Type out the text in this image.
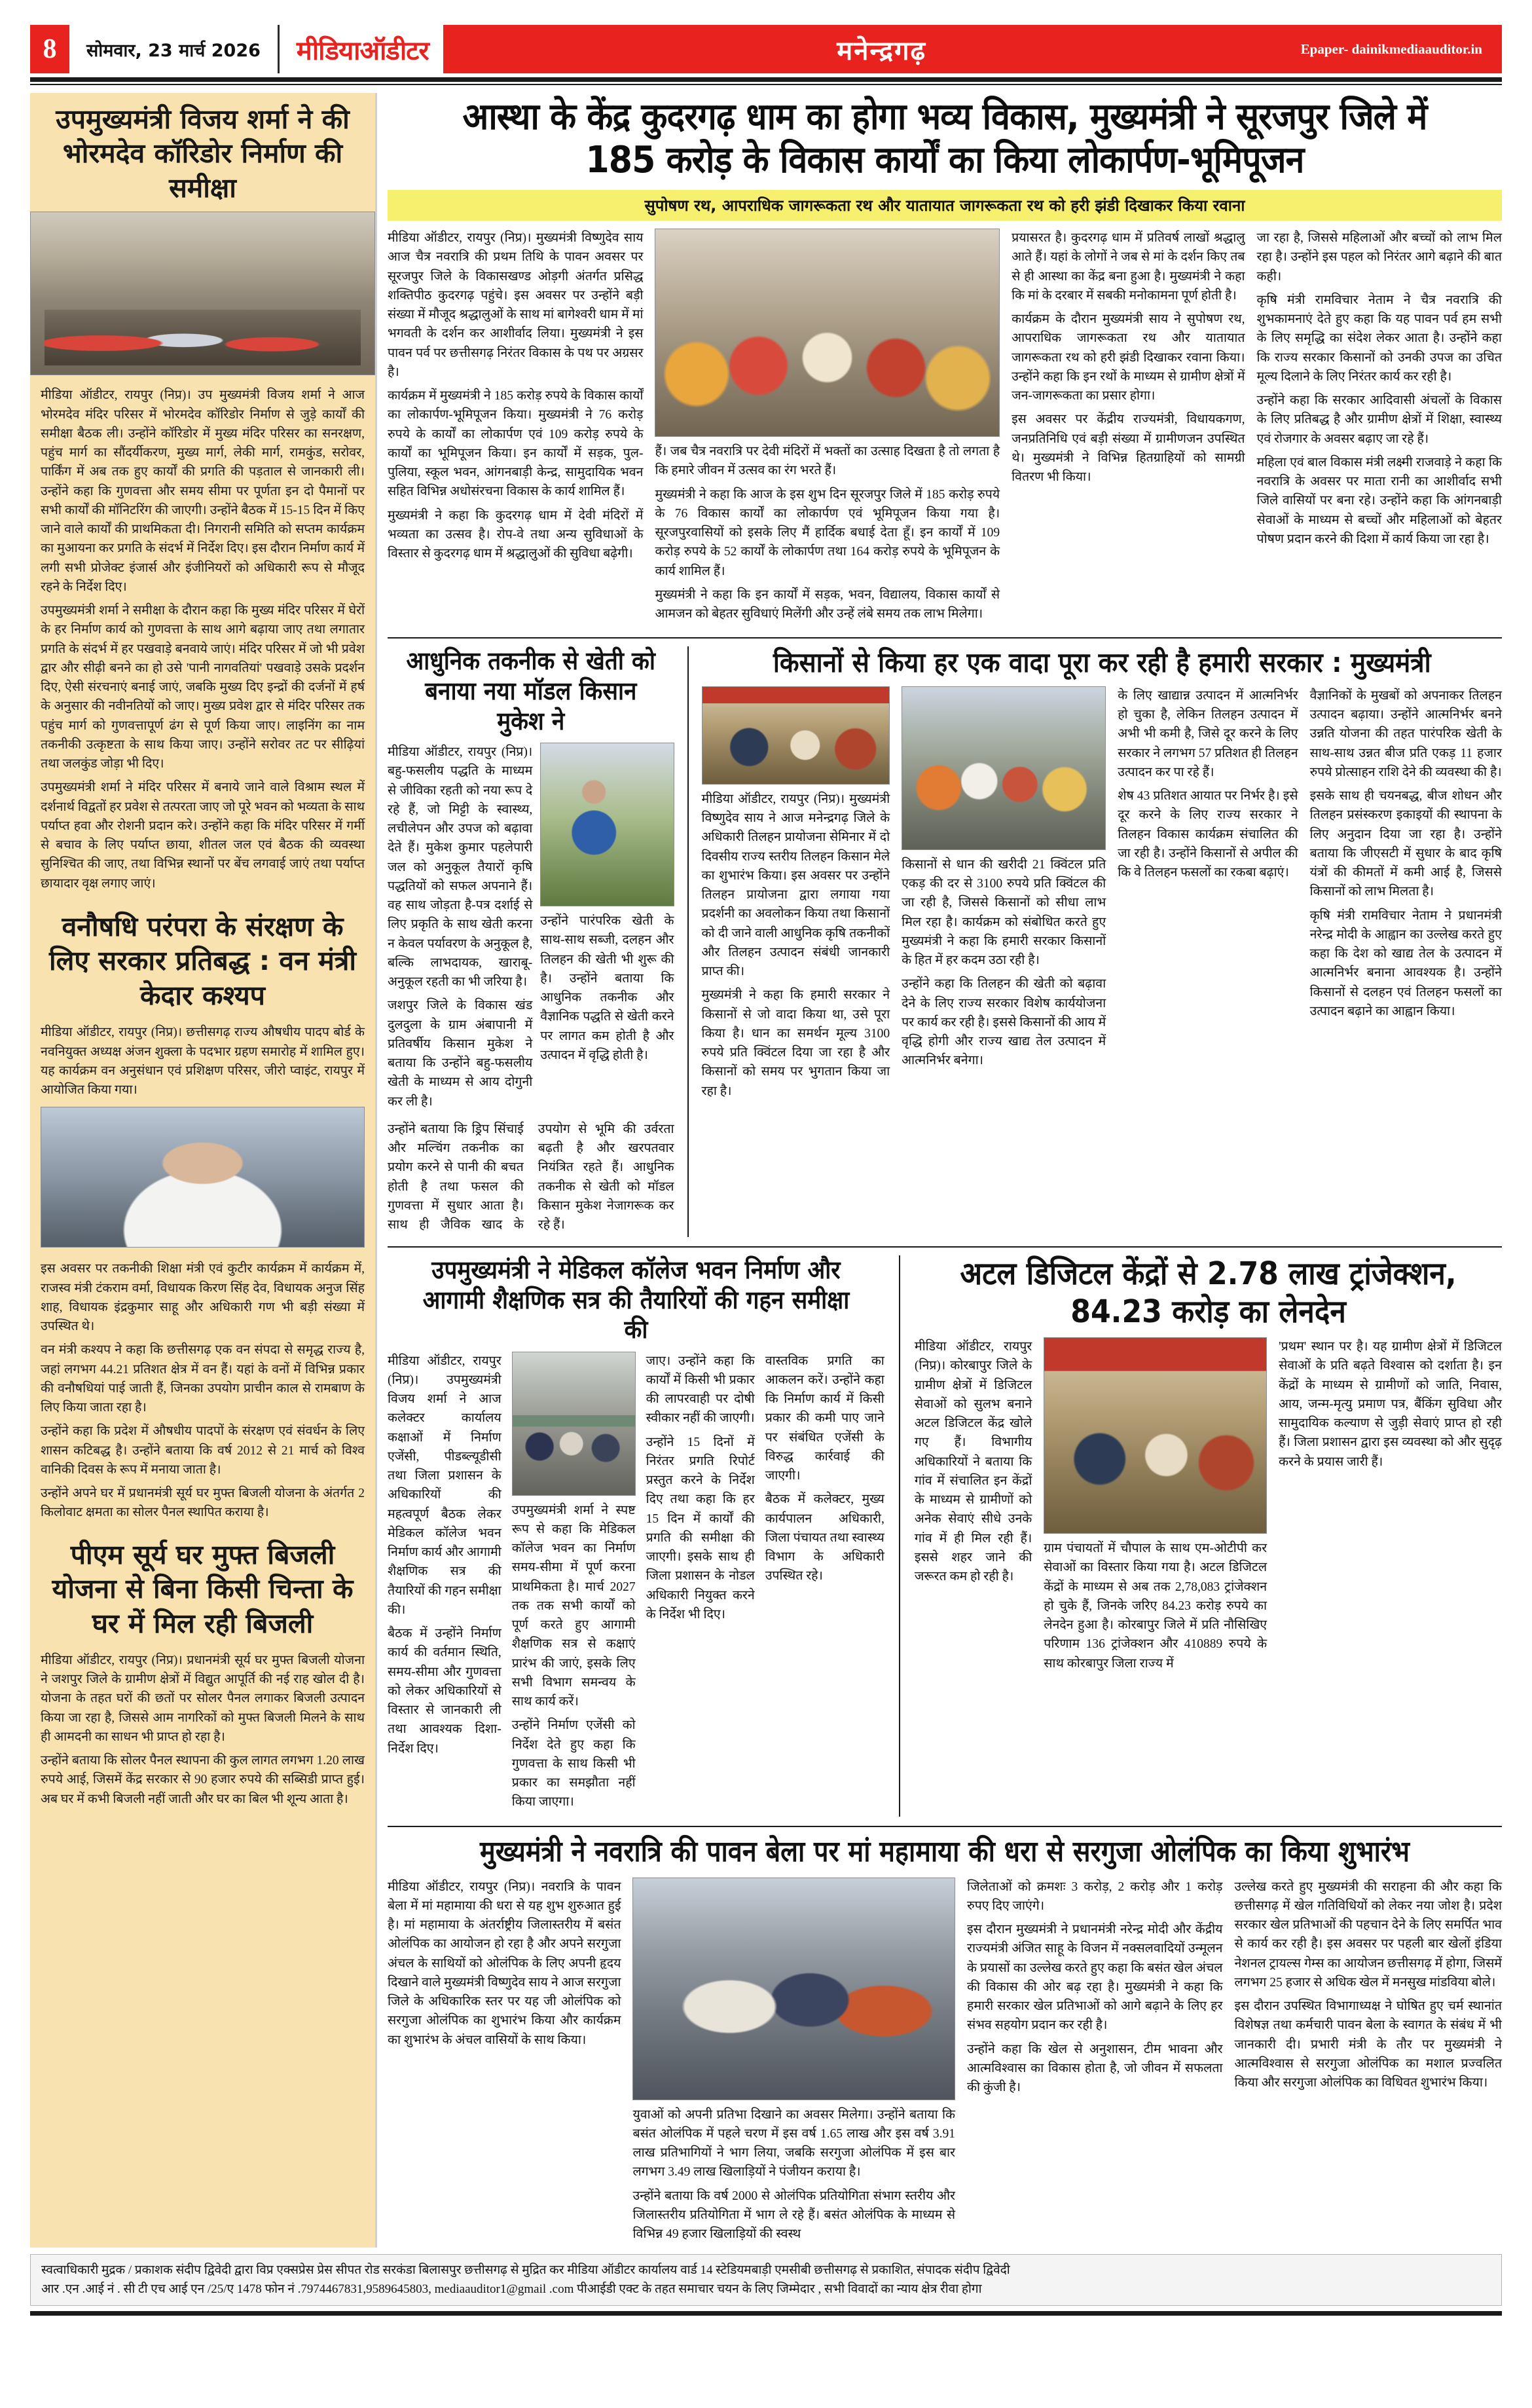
8	सोमवार, 23 मार्च 2026	मीडियाऑडीटर	मनेन्द्रगढ़	Epaper- dainikmediaauditor.in
उपमुख्यमंत्री विजय शर्मा ने की भोरमदेव कॉरिडोर निर्माण की समीक्षा

मीडिया ऑडीटर, रायपुर (निप्र)। उप मुख्यमंत्री विजय शर्मा ने आज भोरमदेव मंदिर परिसर में भोरमदेव कॉरिडोर निर्माण से जुड़े कार्यों की समीक्षा बैठक ली। उन्होंने कॉरिडोर में मुख्य मंदिर परिसर का सनरक्षण, पहुंच मार्ग का सौंदर्यीकरण, मुख्य मार्ग, लेकी मार्ग, रामकुंड, सरोवर, पार्किंग में अब तक हुए कार्यों की प्रगति की पड़ताल से जानकारी ली। उन्होंने कहा कि गुणवत्ता और समय सीमा पर पूर्णता इन दो पैमानों पर सभी कार्यों की मॉनिटरिंग की जाएगी। उन्होंने बैठक में 15-15 दिन में किए जाने वाले कार्यों की प्राथमिकता दी। निगरानी समिति को सप्तम कार्यक्रम का मुआयना कर प्रगति के संदर्भ में निर्देश दिए। इस दौरान निर्माण कार्य में लगी सभी प्रोजेक्ट इंजार्स और इंजीनियरों को अधिकारी रूप से मौजूद रहने के निर्देश दिए।

उपमुख्यमंत्री शर्मा ने समीक्षा के दौरान कहा कि मुख्य मंदिर परिसर में घेरों के हर निर्माण कार्य को गुणवत्ता के साथ आगे बढ़ाया जाए तथा लगातार प्रगति के संदर्भ में हर पखवाड़े बनवाये जाएं। मंदिर परिसर में जो भी प्रवेश द्वार और सीढ़ी बनने का हो उसे 'पानी नागवतियां' पखवाड़े उसके प्रदर्शन दिए, ऐसी संरचनाएं बनाई जाएं, जबकि मुख्य दिए इन्द्रों की दर्जनों में हर्ष के अनुसार की नवीनतियों को जाए। मुख्य प्रवेश द्वार से मंदिर परिसर तक पहुंच मार्ग को गुणवत्तापूर्ण ढंग से पूर्ण किया जाए। लाइनिंग का नाम तकनीकी उत्कृष्टता के साथ किया जाए। उन्होंने सरोवर तट पर सीढ़ियां तथा जलकुंड जोड़ा भी दिए।

उपमुख्यमंत्री शर्मा ने मंदिर परिसर में बनाये जाने वाले विश्राम स्थल में दर्शनार्थ विद्वतों हर प्रवेश से तत्परता जाए जो पूरे भवन को भव्यता के साथ पर्याप्त हवा और रोशनी प्रदान करे। उन्होंने कहा कि मंदिर परिसर में गर्मी से बचाव के लिए पर्याप्त छाया, शीतल जल एवं बैठक की व्यवस्था सुनिश्चित की जाए, तथा विभिन्न स्थानों पर बेंच लगवाई जाएं तथा पर्याप्त छायादार वृक्ष लगाए जाएं।

वनौषधि परंपरा के संरक्षण के लिए सरकार प्रतिबद्ध : वन मंत्री केदार कश्यप

मीडिया ऑडीटर, रायपुर (निप्र)। छत्तीसगढ़ राज्य औषधीय पादप बोर्ड के नवनियुक्त अध्यक्ष अंजन शुक्ला के पदभार ग्रहण समारोह में शामिल हुए। यह कार्यक्रम वन अनुसंधान एवं प्रशिक्षण परिसर, जीरो प्वाइंट, रायपुर में आयोजित किया गया।

इस अवसर पर तकनीकी शिक्षा मंत्री एवं कुटीर कार्यक्रम में कार्यक्रम में, राजस्व मंत्री टंकराम वर्मा, विधायक किरण सिंह देव, विधायक अनुज सिंह शाह, विधायक इंद्रकुमार साहू और अधिकारी गण भी बड़ी संख्या में उपस्थित थे।

वन मंत्री कश्यप ने कहा कि छत्तीसगढ़ एक वन संपदा से समृद्ध राज्य है, जहां लगभग 44.21 प्रतिशत क्षेत्र में वन हैं। यहां के वनों में विभिन्न प्रकार की वनौषधियां पाई जाती हैं, जिनका उपयोग प्राचीन काल से रामबाण के लिए किया जाता रहा है।

उन्होंने कहा कि प्रदेश में औषधीय पादपों के संरक्षण एवं संवर्धन के लिए शासन कटिबद्ध है। उन्होंने बताया कि वर्ष 2012 से 21 मार्च को विश्व वानिकी दिवस के रूप में मनाया जाता है।

उन्होंने अपने घर में प्रधानमंत्री सूर्य घर मुफ्त बिजली योजना के अंतर्गत 2 किलोवाट क्षमता का सोलर पैनल स्थापित कराया है।

पीएम सूर्य घर मुफ्त बिजली योजना से बिना किसी चिन्ता के घर में मिल रही बिजली

मीडिया ऑडीटर, रायपुर (निप्र)। प्रधानमंत्री सूर्य घर मुफ्त बिजली योजना ने जशपुर जिले के ग्रामीण क्षेत्रों में विद्युत आपूर्ति की नई राह खोल दी है। योजना के तहत घरों की छतों पर सोलर पैनल लगाकर बिजली उत्पादन किया जा रहा है, जिससे आम नागरिकों को मुफ्त बिजली मिलने के साथ ही आमदनी का साधन भी प्राप्त हो रहा है।

उन्होंने बताया कि सोलर पैनल स्थापना की कुल लागत लगभग 1.20 लाख रुपये आई, जिसमें केंद्र सरकार से 90 हजार रुपये की सब्सिडी प्राप्त हुई। अब घर में कभी बिजली नहीं जाती और घर का बिल भी शून्य आता है।

आस्था के केंद्र कुदरगढ़ धाम का होगा भव्य विकास, मुख्यमंत्री ने सूरजपुर जिले में 185 करोड़ के विकास कार्यों का किया लोकार्पण-भूमिपूजन
सुपोषण रथ, आपराधिक जागरूकता रथ और यातायात जागरूकता रथ को हरी झंडी दिखाकर किया रवाना

मीडिया ऑडीटर, रायपुर (निप्र)। मुख्यमंत्री विष्णुदेव साय आज चैत्र नवरात्रि की प्रथम तिथि के पावन अवसर पर सूरजपुर जिले के विकासखण्ड ओड़गी अंतर्गत प्रसिद्ध शक्तिपीठ कुदरगढ़ पहुंचे। इस अवसर पर उन्होंने बड़ी संख्या में मौजूद श्रद्धालुओं के साथ मां बागेश्वरी धाम में मां भगवती के दर्शन कर आशीर्वाद लिया। मुख्यमंत्री ने इस पावन पर्व पर छत्तीसगढ़ निरंतर विकास के पथ पर अग्रसर है।

कार्यक्रम में मुख्यमंत्री ने 185 करोड़ रुपये के विकास कार्यों का लोकार्पण-भूमिपूजन किया। मुख्यमंत्री ने 76 करोड़ रुपये के कार्यों का लोकार्पण एवं 109 करोड़ रुपये के कार्यों का भूमिपूजन किया। इन कार्यों में सड़क, पुल-पुलिया, स्कूल भवन, आंगनबाड़ी केन्द्र, सामुदायिक भवन सहित विभिन्न अधोसंरचना विकास के कार्य शामिल हैं।

मुख्यमंत्री ने कहा कि कुदरगढ़ धाम में देवी मंदिरों में भव्यता का उत्सव है। रोप-वे तथा अन्य सुविधाओं के विस्तार से कुदरगढ़ धाम में श्रद्धालुओं की सुविधा बढ़ेगी।

हैं। जब चैत्र नवरात्रि पर देवी मंदिरों में भक्तों का उत्साह दिखता है तो लगता है कि हमारे जीवन में उत्सव का रंग भरते हैं।

मुख्यमंत्री ने कहा कि आज के इस शुभ दिन सूरजपुर जिले में 185 करोड़ रुपये के 76 विकास कार्यों का लोकार्पण एवं भूमिपूजन किया गया है। सूरजपुरवासियों को इसके लिए मैं हार्दिक बधाई देता हूँ। इन कार्यों में 109 करोड़ रुपये के 52 कार्यों के लोकार्पण तथा 164 करोड़ रुपये के भूमिपूजन के कार्य शामिल हैं।

मुख्यमंत्री ने कहा कि इन कार्यों में सड़क, भवन, विद्यालय, विकास कार्यों से आमजन को बेहतर सुविधाएं मिलेंगी और उन्हें लंबे समय तक लाभ मिलेगा।

प्रयासरत है। कुदरगढ़ धाम में प्रतिवर्ष लाखों श्रद्धालु आते हैं। यहां के लोगों ने जब से मां के दर्शन किए तब से ही आस्था का केंद्र बना हुआ है। मुख्यमंत्री ने कहा कि मां के दरबार में सबकी मनोकामना पूर्ण होती है।

कार्यक्रम के दौरान मुख्यमंत्री साय ने सुपोषण रथ, आपराधिक जागरूकता रथ और यातायात जागरूकता रथ को हरी झंडी दिखाकर रवाना किया। उन्होंने कहा कि इन रथों के माध्यम से ग्रामीण क्षेत्रों में जन-जागरूकता का प्रसार होगा।

इस अवसर पर केंद्रीय राज्यमंत्री, विधायकगण, जनप्रतिनिधि एवं बड़ी संख्या में ग्रामीणजन उपस्थित थे। मुख्यमंत्री ने विभिन्न हितग्राहियों को सामग्री वितरण भी किया।

जा रहा है, जिससे महिलाओं और बच्चों को लाभ मिल रहा है। उन्होंने इस पहल को निरंतर आगे बढ़ाने की बात कही।

कृषि मंत्री रामविचार नेताम ने चैत्र नवरात्रि की शुभकामनाएं देते हुए कहा कि यह पावन पर्व हम सभी के लिए समृद्धि का संदेश लेकर आता है। उन्होंने कहा कि राज्य सरकार किसानों को उनकी उपज का उचित मूल्य दिलाने के लिए निरंतर कार्य कर रही है।

उन्होंने कहा कि सरकार आदिवासी अंचलों के विकास के लिए प्रतिबद्ध है और ग्रामीण क्षेत्रों में शिक्षा, स्वास्थ्य एवं रोजगार के अवसर बढ़ाए जा रहे हैं।

महिला एवं बाल विकास मंत्री लक्ष्मी राजवाड़े ने कहा कि नवरात्रि के अवसर पर माता रानी का आशीर्वाद सभी जिले वासियों पर बना रहे। उन्होंने कहा कि आंगनबाड़ी सेवाओं के माध्यम से बच्चों और महिलाओं को बेहतर पोषण प्रदान करने की दिशा में कार्य किया जा रहा है।

आधुनिक तकनीक से खेती को बनाया नया मॉडल किसान मुकेश ने

मीडिया ऑडीटर, रायपुर (निप्र)। बहु-फसलीय पद्धति के माध्यम से जीविका रहती को नया रूप दे रहे हैं, जो मिट्टी के स्वास्थ्य, लचीलेपन और उपज को बढ़ावा देते हैं। मुकेश कुमार पहलेपारी जल को अनुकूल तैयारों कृषि पद्धतियों को सफल अपनाने हैं। वह साथ जोड़ता है-पत्र दर्शाई से लिए प्रकृति के साथ खेती करना न केवल पर्यावरण के अनुकूल है, बल्कि लाभदायक, खाराबू-अनुकूल रहती का भी जरिया है।

जशपुर जिले के विकास खंड दुलदुला के ग्राम अंबापानी में प्रतिवर्षीय किसान मुकेश ने बताया कि उन्होंने बहु-फसलीय खेती के माध्यम से आय दोगुनी कर ली है।

उन्होंने पारंपरिक खेती के साथ-साथ सब्जी, दलहन और तिलहन की खेती भी शुरू की है। उन्होंने बताया कि आधुनिक तकनीक और वैज्ञानिक पद्धति से खेती करने पर लागत कम होती है और उत्पादन में वृद्धि होती है।

उन्होंने बताया कि ड्रिप सिंचाई और मल्चिंग तकनीक का प्रयोग करने से पानी की बचत होती है तथा फसल की गुणवत्ता में सुधार आता है। साथ ही जैविक खाद के उपयोग से भूमि की उर्वरता बढ़ती है और खरपतवार नियंत्रित रहते हैं। आधुनिक तकनीक से खेती को मॉडल किसान मुकेश नेजागरूक कर रहे हैं।

किसानों से किया हर एक वादा पूरा कर रही है हमारी सरकार : मुख्यमंत्री

मीडिया ऑडीटर, रायपुर (निप्र)। मुख्यमंत्री विष्णुदेव साय ने आज मनेन्द्रगढ़ जिले के अधिकारी तिलहन प्रायोजना सेमिनार में दो दिवसीय राज्य स्तरीय तिलहन किसान मेले का शुभारंभ किया। इस अवसर पर उन्होंने तिलहन प्रायोजना द्वारा लगाया गया प्रदर्शनी का अवलोकन किया तथा किसानों को दी जाने वाली आधुनिक कृषि तकनीकों और तिलहन उत्पादन संबंधी जानकारी प्राप्त की।

मुख्यमंत्री ने कहा कि हमारी सरकार ने किसानों से जो वादा किया था, उसे पूरा किया है। धान का समर्थन मूल्य 3100 रुपये प्रति क्विंटल दिया जा रहा है और किसानों को समय पर भुगतान किया जा रहा है।

किसानों से धान की खरीदी 21 क्विंटल प्रति एकड़ की दर से 3100 रुपये प्रति क्विंटल की जा रही है, जिससे किसानों को सीधा लाभ मिल रहा है। कार्यक्रम को संबोधित करते हुए मुख्यमंत्री ने कहा कि हमारी सरकार किसानों के हित में हर कदम उठा रही है।

उन्होंने कहा कि तिलहन की खेती को बढ़ावा देने के लिए राज्य सरकार विशेष कार्ययोजना पर कार्य कर रही है। इससे किसानों की आय में वृद्धि होगी और राज्य खाद्य तेल उत्पादन में आत्मनिर्भर बनेगा।

के लिए खाद्यान्न उत्पादन में आत्मनिर्भर हो चुका है, लेकिन तिलहन उत्पादन में अभी भी कमी है, जिसे दूर करने के लिए सरकार ने लगभग 57 प्रतिशत ही तिलहन उत्पादन कर पा रहे हैं।

शेष 43 प्रतिशत आयात पर निर्भर है। इसे दूर करने के लिए राज्य सरकार ने तिलहन विकास कार्यक्रम संचालित की जा रही है। उन्होंने किसानों से अपील की कि वे तिलहन फसलों का रकबा बढ़ाएं।

वैज्ञानिकों के मुखबों को अपनाकर तिलहन उत्पादन बढ़ाया। उन्होंने आत्मनिर्भर बनने उन्नति योजना की तहत पारंपरिक खेती के साथ-साथ उन्नत बीज प्रति एकड़ 11 हजार रुपये प्रोत्साहन राशि देने की व्यवस्था की है।

इसके साथ ही चयनबद्ध, बीज शोधन और तिलहन प्रसंस्करण इकाइयों की स्थापना के लिए अनुदान दिया जा रहा है। उन्होंने बताया कि जीएसटी में सुधार के बाद कृषि यंत्रों की कीमतों में कमी आई है, जिससे किसानों को लाभ मिलता है।

कृषि मंत्री रामविचार नेताम ने प्रधानमंत्री नरेन्द्र मोदी के आह्वान का उल्लेख करते हुए कहा कि देश को खाद्य तेल के उत्पादन में आत्मनिर्भर बनाना आवश्यक है। उन्होंने किसानों से दलहन एवं तिलहन फसलों का उत्पादन बढ़ाने का आह्वान किया।

उपमुख्यमंत्री ने मेडिकल कॉलेज भवन निर्माण और आगामी शैक्षणिक सत्र की तैयारियों की गहन समीक्षा की

मीडिया ऑडीटर, रायपुर (निप्र)। उपमुख्यमंत्री विजय शर्मा ने आज कलेक्टर कार्यालय कक्षाओं में निर्माण एजेंसी, पीडब्ल्यूडीसी तथा जिला प्रशासन के अधिकारियों की महत्वपूर्ण बैठक लेकर मेडिकल कॉलेज भवन निर्माण कार्य और आगामी शैक्षणिक सत्र की तैयारियों की गहन समीक्षा की।

बैठक में उन्होंने निर्माण कार्य की वर्तमान स्थिति, समय-सीमा और गुणवत्ता को लेकर अधिकारियों से विस्तार से जानकारी ली तथा आवश्यक दिशा-निर्देश दिए।

उपमुख्यमंत्री शर्मा ने स्पष्ट रूप से कहा कि मेडिकल कॉलेज भवन का निर्माण समय-सीमा में पूर्ण करना प्राथमिकता है। मार्च 2027 तक तक सभी कार्यों को पूर्ण करते हुए आगामी शैक्षणिक सत्र से कक्षाएं प्रारंभ की जाएं, इसके लिए सभी विभाग समन्वय के साथ कार्य करें।

उन्होंने निर्माण एजेंसी को निर्देश देते हुए कहा कि गुणवत्ता के साथ किसी भी प्रकार का समझौता नहीं किया जाएगा।

जाए। उन्होंने कहा कि कार्यों में किसी भी प्रकार की लापरवाही पर दोषी स्वीकार नहीं की जाएगी।

उन्होंने 15 दिनों में निरंतर प्रगति रिपोर्ट प्रस्तुत करने के निर्देश दिए तथा कहा कि हर 15 दिन में कार्यों की प्रगति की समीक्षा की जाएगी। इसके साथ ही जिला प्रशासन के नोडल अधिकारी नियुक्त करने के निर्देश भी दिए।

वास्तविक प्रगति का आकलन करें। उन्होंने कहा कि निर्माण कार्य में किसी प्रकार की कमी पाए जाने पर संबंधित एजेंसी के विरुद्ध कार्रवाई की जाएगी।

बैठक में कलेक्टर, मुख्य कार्यपालन अधिकारी, जिला पंचायत तथा स्वास्थ्य विभाग के अधिकारी उपस्थित रहे।

अटल डिजिटल केंद्रों से 2.78 लाख ट्रांजेक्शन, 84.23 करोड़ का लेनदेन

मीडिया ऑडीटर, रायपुर (निप्र)। कोरबापुर जिले के ग्रामीण क्षेत्रों में डिजिटल सेवाओं को सुलभ बनाने अटल डिजिटल केंद्र खोले गए हैं। विभागीय अधिकारियों ने बताया कि गांव में संचालित इन केंद्रों के माध्यम से ग्रामीणों को अनेक सेवाएं सीधे उनके गांव में ही मिल रही हैं। इससे शहर जाने की जरूरत कम हो रही है।

ग्राम पंचायतों में चौपाल के साथ एम-ओटीपी कर सेवाओं का विस्तार किया गया है। अटल डिजिटल केंद्रों के माध्यम से अब तक 2,78,083 ट्रांजेक्शन हो चुके हैं, जिनके जरिए 84.23 करोड़ रुपये का लेनदेन हुआ है। कोरबापुर जिले में प्रति नौसिखिए परिणाम 136 ट्रांजेक्शन और 410889 रुपये के साथ कोरबापुर जिला राज्य में

'प्रथम' स्थान पर है। यह ग्रामीण क्षेत्रों में डिजिटल सेवाओं के प्रति बढ़ते विश्वास को दर्शाता है। इन केंद्रों के माध्यम से ग्रामीणों को जाति, निवास, आय, जन्म-मृत्यु प्रमाण पत्र, बैंकिंग सुविधा और सामुदायिक कल्याण से जुड़ी सेवाएं प्राप्त हो रही हैं। जिला प्रशासन द्वारा इस व्यवस्था को और सुदृढ़ करने के प्रयास जारी हैं।

मुख्यमंत्री ने नवरात्रि की पावन बेला पर मां महामाया की धरा से सरगुजा ओलंपिक का किया शुभारंभ

मीडिया ऑडीटर, रायपुर (निप्र)। नवरात्रि के पावन बेला में मां महामाया की धरा से यह शुभ शुरुआत हुई है। मां महामाया के अंतर्राष्ट्रीय जिलास्तरीय में बसंत ओलंपिक का आयोजन हो रहा है और अपने सरगुजा अंचल के साथियों को ओलंपिक के लिए अपनी हृदय दिखाने वाले मुख्यमंत्री विष्णुदेव साय ने आज सरगुजा जिले के अधिकारिक स्तर पर यह जी ओलंपिक को सरगुजा ओलंपिक का शुभारंभ किया और कार्यक्रम का शुभारंभ के अंचल वासियों के साथ किया।

युवाओं को अपनी प्रतिभा दिखाने का अवसर मिलेगा। उन्होंने बताया कि बसंत ओलंपिक में पहले चरण में इस वर्ष 1.65 लाख और इस वर्ष 3.91 लाख प्रतिभागियों ने भाग लिया, जबकि सरगुजा ओलंपिक में इस बार लगभग 3.49 लाख खिलाड़ियों ने पंजीयन कराया है।

उन्होंने बताया कि वर्ष 2000 से ओलंपिक प्रतियोगिता संभाग स्तरीय और जिलास्तरीय प्रतियोगिता में भाग ले रहे हैं। बसंत ओलंपिक के माध्यम से विभिन्न 49 हजार खिलाड़ियों की स्वस्थ

जिलेताओं को क्रमशः 3 करोड़, 2 करोड़ और 1 करोड़ रुपए दिए जाएंगे।

इस दौरान मुख्यमंत्री ने प्रधानमंत्री नरेन्द्र मोदी और केंद्रीय राज्यमंत्री अंजित साहू के विजन में नक्सलवादियों उन्मूलन के प्रयासों का उल्लेख करते हुए कहा कि बसंत खेल अंचल की विकास की ओर बढ़ रहा है। मुख्यमंत्री ने कहा कि हमारी सरकार खेल प्रतिभाओं को आगे बढ़ाने के लिए हर संभव सहयोग प्रदान कर रही है।

उन्होंने कहा कि खेल से अनुशासन, टीम भावना और आत्मविश्वास का विकास होता है, जो जीवन में सफलता की कुंजी है।

उल्लेख करते हुए मुख्यमंत्री की सराहना की और कहा कि छत्तीसगढ़ में खेल गतिविधियों को लेकर नया जोश है। प्रदेश सरकार खेल प्रतिभाओं की पहचान देने के लिए समर्पित भाव से कार्य कर रही है। इस अवसर पर पहली बार खेलों इंडिया नेशनल ट्रायल्स गेम्स का आयोजन छत्तीसगढ़ में होगा, जिसमें लगभग 25 हजार से अधिक खेल में मनसुख मांडविया बोले।

इस दौरान उपस्थित विभागाध्यक्ष ने घोषित हुए चर्म स्थानांत विशेषज्ञ तथा कर्मचारी पावन बेला के स्वागत के संबंध में भी जानकारी दी। प्रभारी मंत्री के तौर पर मुख्यमंत्री ने आत्मविश्वास से सरगुजा ओलंपिक का मशाल प्रज्वलित किया और सरगुजा ओलंपिक का विधिवत शुभारंभ किया।

स्वत्वाधिकारी मुद्रक / प्रकाशक संदीप द्विवेदी द्वारा विप्र एक्सप्रेस प्रेस सीपत रोड सरकंडा बिलासपुर छत्तीसगढ़ से मुद्रित कर मीडिया ऑडीटर कार्यालय वार्ड 14 स्टेडियमबाड़ी एमसीबी छत्तीसगढ़ से प्रकाशित, संपादक संदीप द्विवेदी
आर .एन .आई नं . सी टी एच आई एन /25/ए 1478 फोन नं .7974467831,9589645803, mediaauditor1@gmail .com पीआईडी एक्ट के तहत समाचार चयन के लिए जिम्मेदार , सभी विवादों का न्याय क्षेत्र रीवा होगा
